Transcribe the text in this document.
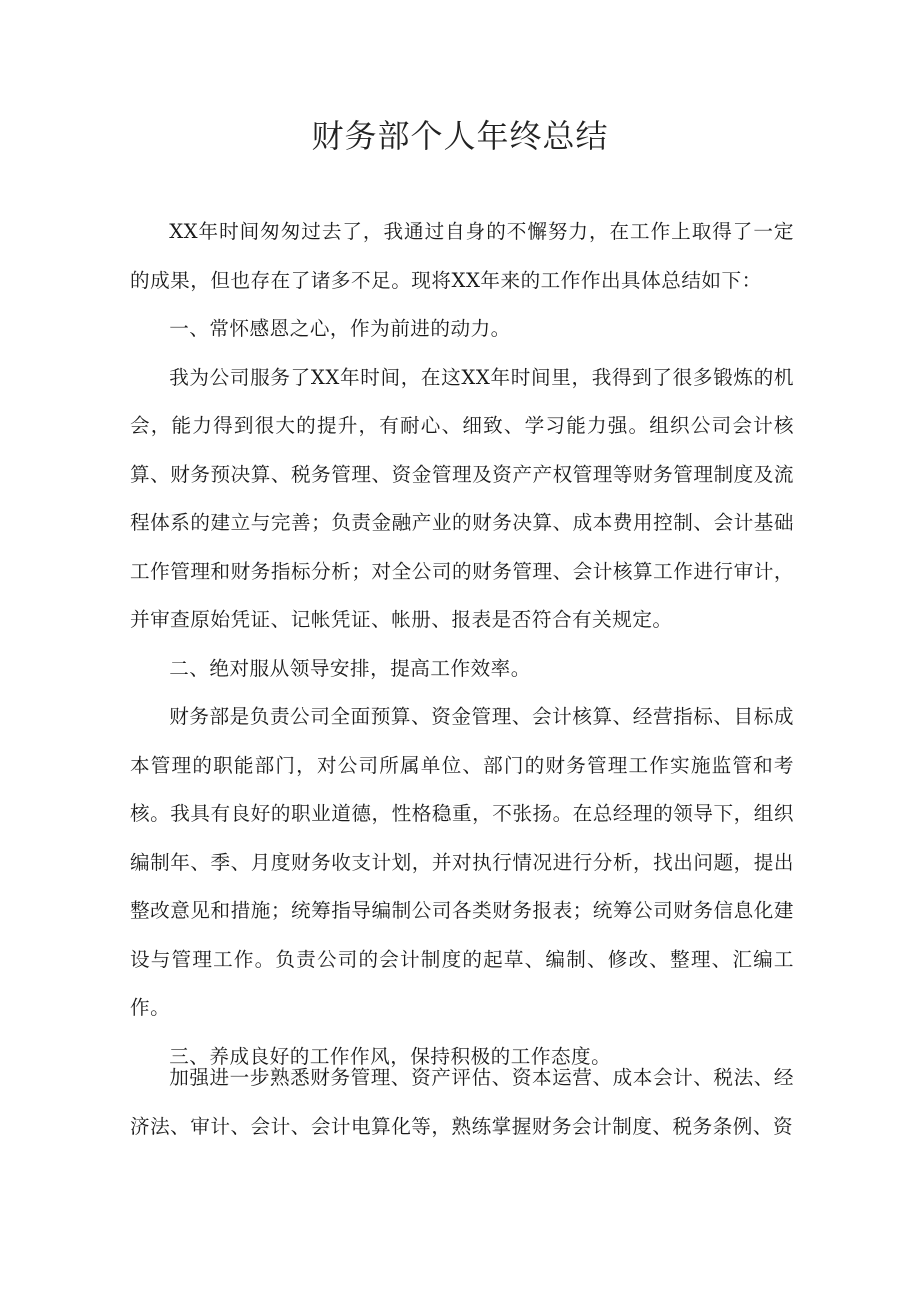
财务部个人年终总结

XX年时间匆匆过去了，我通过自身的不懈努力，在工作上取得了一定的成果，但也存在了诸多不足。现将XX年来的工作作出具体总结如下：

一、常怀感恩之心，作为前进的动力。

我为公司服务了XX年时间，在这XX年时间里，我得到了很多锻炼的机会，能力得到很大的提升，有耐心、细致、学习能力强。组织公司会计核算、财务预决算、税务管理、资金管理及资产产权管理等财务管理制度及流程体系的建立与完善；负责金融产业的财务决算、成本费用控制、会计基础工作管理和财务指标分析；对全公司的财务管理、会计核算工作进行审计，并审查原始凭证、记帐凭证、帐册、报表是否符合有关规定。

二、绝对服从领导安排，提高工作效率。

财务部是负责公司全面预算、资金管理、会计核算、经营指标、目标成本管理的职能部门，对公司所属单位、部门的财务管理工作实施监管和考核。我具有良好的职业道德，性格稳重，不张扬。在总经理的领导下，组织编制年、季、月度财务收支计划，并对执行情况进行分析，找出问题，提出整改意见和措施；统筹指导编制公司各类财务报表；统筹公司财务信息化建设与管理工作。负责公司的会计制度的起草、编制、修改、整理、汇编工作。

三、养成良好的工作作风，保持积极的工作态度。

加强进一步熟悉财务管理、资产评估、资本运营、成本会计、税法、经济法、审计、会计、会计电算化等，熟练掌握财务会计制度、税务条例、资
